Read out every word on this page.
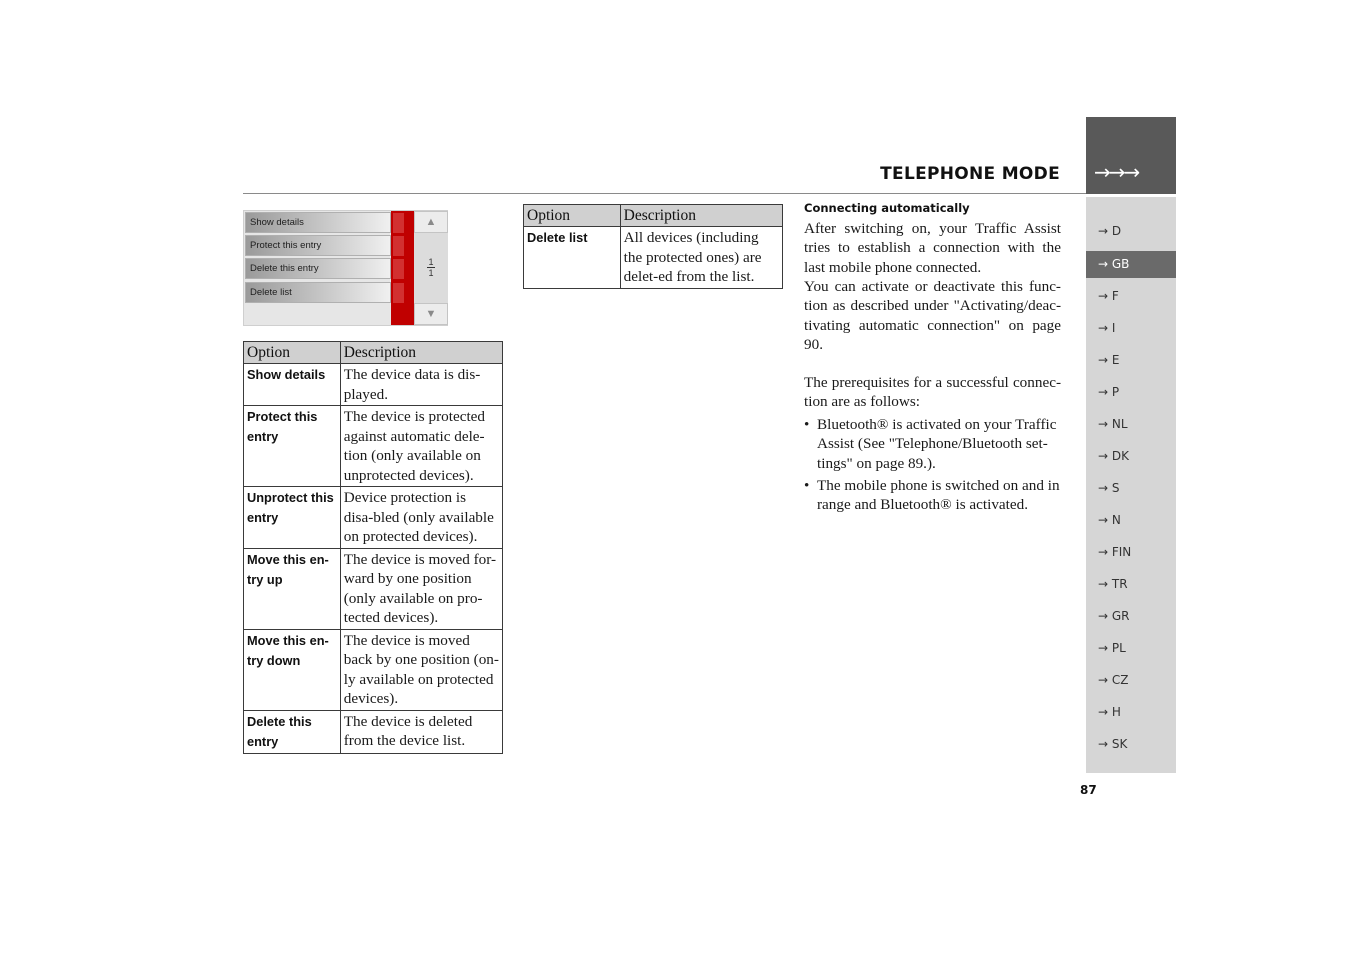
TELEPHONE MODE →→→
→ D
→ GB
→ F
→ I
→ E
→ P
→ NL
→ DK
→ S
→ N
→ FIN
→ TR
→ GR
→ PL
→ CZ
→ H
→ SK
87
Show details
Protect this entry
Delete this entry
Delete list
▲
1
1
▼
Option	Description
Show details	The device data is dis-played.
Protect this entry	The device is protected against automatic dele-tion (only available on unprotected devices).
Unprotect this entry	Device protection is disa-bled (only available on protected devices).
Move this en-try up	The device is moved for-ward by one position (only available on pro-tected devices).
Move this en-try down	The device is moved back by one position (on-ly available on protected devices).
Delete this entry	The device is deleted from the device list.
Option	Description
Delete list	All devices (including the protected ones) are delet-ed from the list.
Connecting automatically
After switching on, your Traffic Assist tries to establish a connection with the last mobile phone connected.
You can activate or deactivate this func-tion as described under "Activating/deac-tivating automatic connection" on page 90.
The prerequisites for a successful connec-tion are as follows:
• Bluetooth® is activated on your Traffic Assist (See "Telephone/Bluetooth set-tings" on page 89.).
• The mobile phone is switched on and in range and Bluetooth® is activated.
